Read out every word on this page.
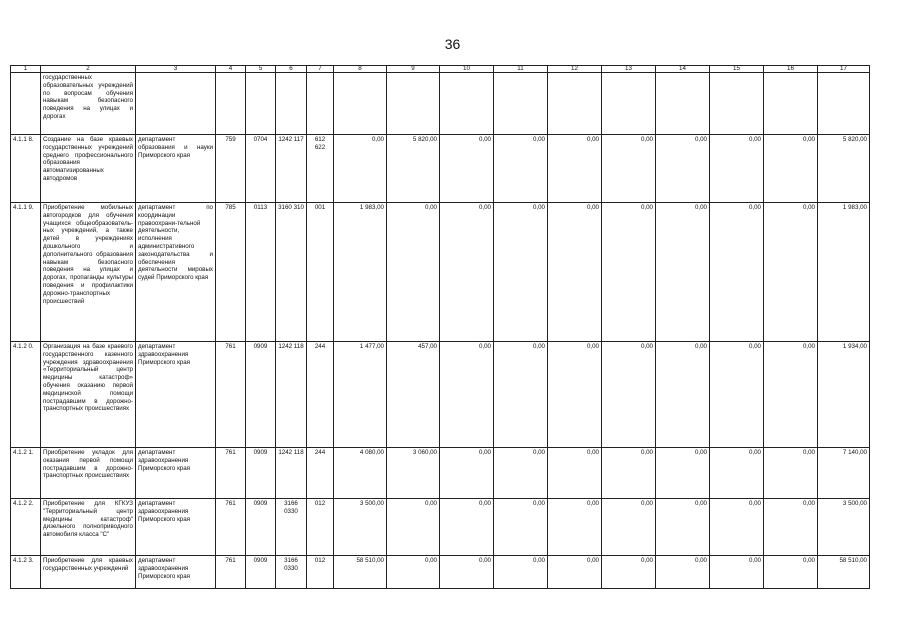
36
1	2	3	4	5	6	7	8	9	10	11	12	13	14	15	16	17
	государственных образовательных учреждений по вопросам обучения навыкам безопасного поведения на улицах и дорогах															
4.1.1 8.	Создание на базе краевых государственных учреждений среднего профессионального образования автоматизированных автодромов	департамент образования и науки Приморского края	759	0704	1242 117	612 622	0,00	5 820,00	0,00	0,00	0,00	0,00	0,00	0,00	0,00	5 820,00
4.1.1 9.	Приобретение мобильных автогородков для обучения учащихся общеобразователь-ных учреждений, а также детей в учреждениях дошкольного и дополнительного образования навыкам безопасного поведения на улицах и дорогах, пропаганды культуры поведения и профилактики дорожно-транспортных происшествий	департамент по координации правоохрани-тельной деятельности, исполнения административного законодательства и обеспечения деятельности мировых судей Приморского края	785	0113	3160 310	001	1 983,00	0,00	0,00	0,00	0,00	0,00	0,00	0,00	0,00	1 983,00
4.1.2 0.	Организация на базе краевого государственного казенного учреждения здравоохранения «Территориальный центр медицины катастроф» обучения оказанию первой медицинской помощи пострадавшим в дорожно-транспортных происшествиях	департамент здравоохранения Приморского края	761	0909	1242 118	244	1 477,00	457,00	0,00	0,00	0,00	0,00	0,00	0,00	0,00	1 934,00
4.1.2 1.	Приобретение укладок для оказания первой помощи пострадавшим в дорожно-транспортных происшествиях	департамент здравоохранения Приморского края	761	0909	1242 118	244	4 080,00	3 060,00	0,00	0,00	0,00	0,00	0,00	0,00	0,00	7 140,00
4.1.2 2.	Приобретение для КГКУЗ "Территориальный центр медицины катастроф" дизельного полноприводного автомобиля класса "С"	департамент здравоохранения Приморского края	761	0909	3166 0330	012	3 500,00	0,00	0,00	0,00	0,00	0,00	0,00	0,00	0,00	3 500,00
4.1.2 3.	Приобретение для краевых государственных учреждений	департамент здравоохранения Приморского края	761	0909	3166 0330	012	58 510,00	0,00	0,00	0,00	0,00	0,00	0,00	0,00	0,00	58 510,00
